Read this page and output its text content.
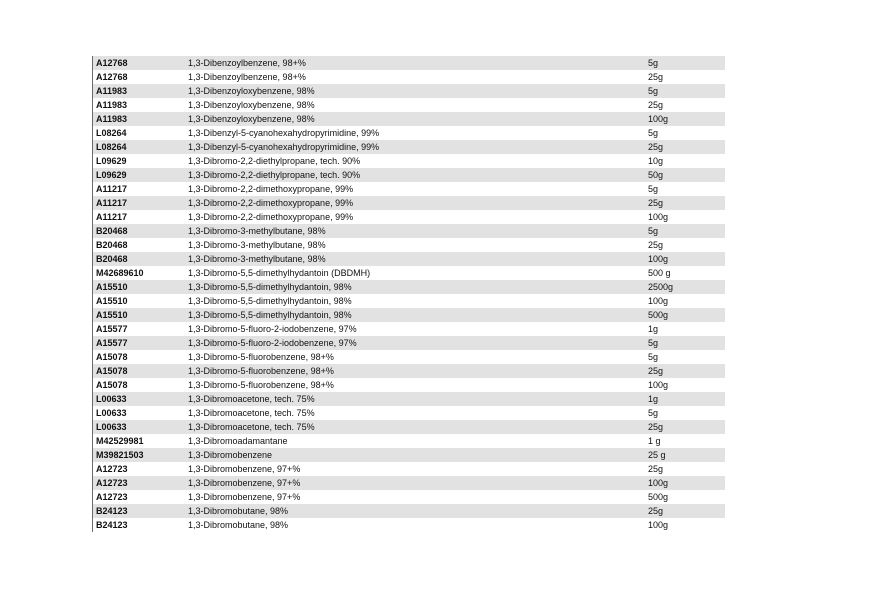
A12768	1,3-Dibenzoylbenzene, 98+%	5g
A12768	1,3-Dibenzoylbenzene, 98+%	25g
A11983	1,3-Dibenzoyloxybenzene, 98%	5g
A11983	1,3-Dibenzoyloxybenzene, 98%	25g
A11983	1,3-Dibenzoyloxybenzene, 98%	100g
L08264	1,3-Dibenzyl-5-cyanohexahydropyrimidine, 99%	5g
L08264	1,3-Dibenzyl-5-cyanohexahydropyrimidine, 99%	25g
L09629	1,3-Dibromo-2,2-diethylpropane, tech. 90%	10g
L09629	1,3-Dibromo-2,2-diethylpropane, tech. 90%	50g
A11217	1,3-Dibromo-2,2-dimethoxypropane, 99%	5g
A11217	1,3-Dibromo-2,2-dimethoxypropane, 99%	25g
A11217	1,3-Dibromo-2,2-dimethoxypropane, 99%	100g
B20468	1,3-Dibromo-3-methylbutane, 98%	5g
B20468	1,3-Dibromo-3-methylbutane, 98%	25g
B20468	1,3-Dibromo-3-methylbutane, 98%	100g
M42689610	1,3-Dibromo-5,5-dimethylhydantoin (DBDMH)	500 g
A15510	1,3-Dibromo-5,5-dimethylhydantoin, 98%	2500g
A15510	1,3-Dibromo-5,5-dimethylhydantoin, 98%	100g
A15510	1,3-Dibromo-5,5-dimethylhydantoin, 98%	500g
A15577	1,3-Dibromo-5-fluoro-2-iodobenzene, 97%	1g
A15577	1,3-Dibromo-5-fluoro-2-iodobenzene, 97%	5g
A15078	1,3-Dibromo-5-fluorobenzene, 98+%	5g
A15078	1,3-Dibromo-5-fluorobenzene, 98+%	25g
A15078	1,3-Dibromo-5-fluorobenzene, 98+%	100g
L00633	1,3-Dibromoacetone, tech. 75%	1g
L00633	1,3-Dibromoacetone, tech. 75%	5g
L00633	1,3-Dibromoacetone, tech. 75%	25g
M42529981	1,3-Dibromoadamantane	1 g
M39821503	1,3-Dibromobenzene	25 g
A12723	1,3-Dibromobenzene, 97+%	25g
A12723	1,3-Dibromobenzene, 97+%	100g
A12723	1,3-Dibromobenzene, 97+%	500g
B24123	1,3-Dibromobutane, 98%	25g
B24123	1,3-Dibromobutane, 98%	100g
